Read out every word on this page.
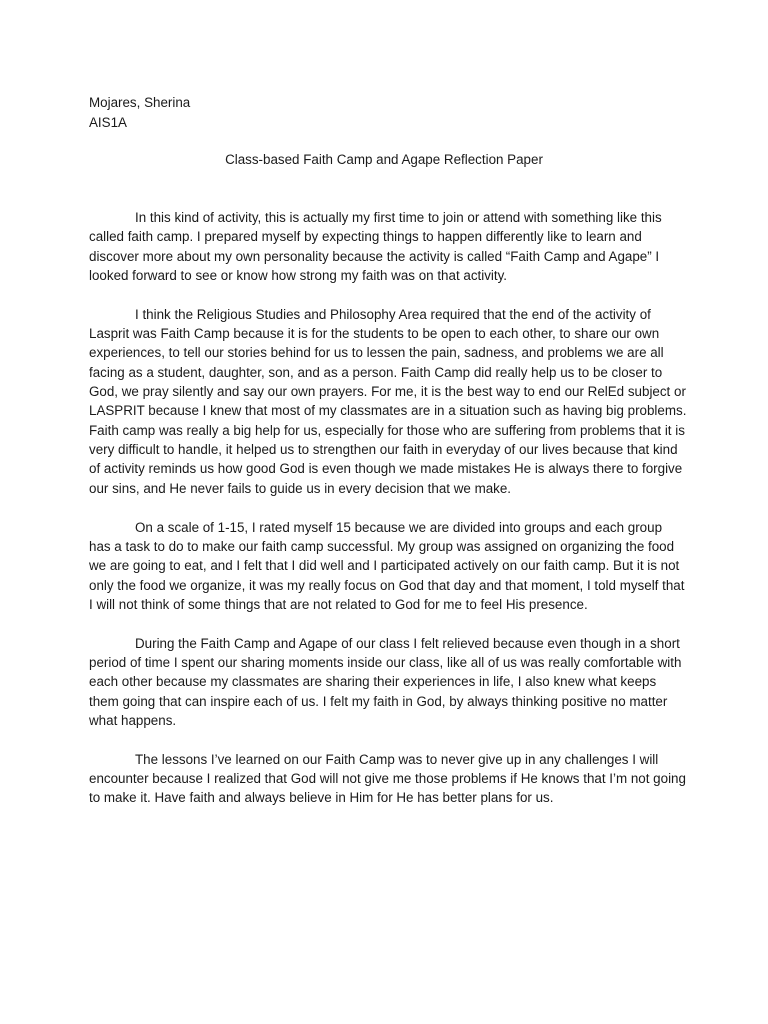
Mojares, Sherina
AIS1A
Class-based Faith Camp and Agape Reflection Paper

In this kind of activity, this is actually my first time to join or attend with something like this called faith camp. I prepared myself by expecting things to happen differently like to learn and discover more about my own personality because the activity is called “Faith Camp and Agape” I looked forward to see or know how strong my faith was on that activity.

I think the Religious Studies and Philosophy Area required that the end of the activity of Lasprit was Faith Camp because it is for the students to be open to each other, to share our own experiences, to tell our stories behind for us to lessen the pain, sadness, and problems we are all facing as a student, daughter, son, and as a person. Faith Camp did really help us to be closer to God, we pray silently and say our own prayers. For me, it is the best way to end our RelEd subject or LASPRIT because I knew that most of my classmates are in a situation such as having big problems. Faith camp was really a big help for us, especially for those who are suffering from problems that it is very difficult to handle, it helped us to strengthen our faith in everyday of our lives because that kind of activity reminds us how good God is even though we made mistakes He is always there to forgive our sins, and He never fails to guide us in every decision that we make.

On a scale of 1-15, I rated myself 15 because we are divided into groups and each group has a task to do to make our faith camp successful. My group was assigned on organizing the food we are going to eat, and I felt that I did well and I participated actively on our faith camp. But it is not only the food we organize, it was my really focus on God that day and that moment, I told myself that I will not think of some things that are not related to God for me to feel His presence.

During the Faith Camp and Agape of our class I felt relieved because even though in a short period of time I spent our sharing moments inside our class, like all of us was really comfortable with each other because my classmates are sharing their experiences in life, I also knew what keeps them going that can inspire each of us. I felt my faith in God, by always thinking positive no matter what happens.

The lessons I’ve learned on our Faith Camp was to never give up in any challenges I will encounter because I realized that God will not give me those problems if He knows that I’m not going to make it. Have faith and always believe in Him for He has better plans for us.
